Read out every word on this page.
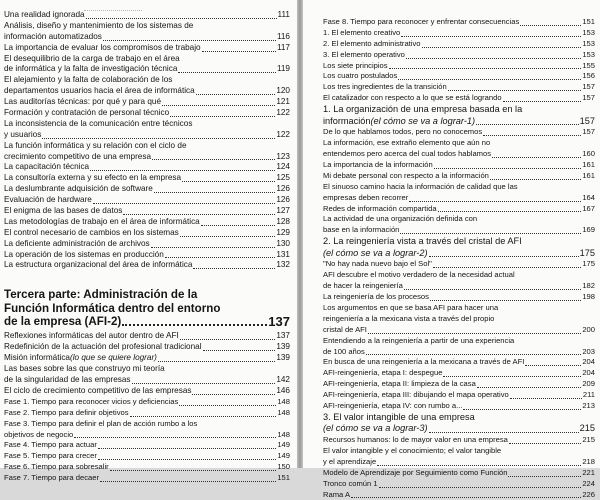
Una realidad ignorada	111
Análisis, diseño y mantenimiento de los sistemas de
información automatizados	116
La importancia de evaluar los compromisos de trabajo	117
El desequilibrio de la carga de trabajo en el área
de informática y la falta de investigación técnica	119
El alejamiento y la falta de colaboración de los
departamentos usuarios hacia el área de informática	120
Las auditorías técnicas: por qué y para qué	121
Formación y contratación de personal técnico	122
La inconsistencia de la comunicación entre técnicos
y usuarios	122
La función informática y su relación con el ciclo de
crecimiento competitivo de una empresa	123
La capacitación técnica	124
La consultoría externa y su efecto en la empresa	125
La deslumbrante adquisición de software	126
Evaluación de hardware	126
El enigma de las bases de datos	127
Las metodologías de trabajo en el área de informática	128
El control necesario de cambios en los sistemas	129
La deficiente administración de archivos	130
La operación de los sistemas en producción	131
La estructura organizacional del área de informática	132
Tercera parte: Administración de la
Función Informática dentro del entorno
de la empresa (AFI-2)	137
Reflexiones informáticas del autor dentro de AFI	137
Redefinición de la actuación del profesional tradicional	139
Misión informática (lo que se quiere lograr)	139
Las bases sobre las que construyo mi teoría
de la singularidad de las empresas	142
El ciclo de crecimiento competitivo de las empresas	146
Fase 1. Tiempo para reconocer vicios y deficiencias	148
Fase 2. Tiempo para definir objetivos	148
Fase 3. Tiempo para definir el plan de acción rumbo a los
objetivos de negocio	148
Fase 4. Tiempo para actuar	149
Fase 5. Tiempo para crecer	149
Fase 6. Tiempo para sobresalir	150
Fase 7. Tiempo para decaer	151
Fase 8. Tiempo para reconocer y enfrentar consecuencias	151
1. El elemento creativo	153
2. El elemento administrativo	153
3. El elemento operativo	153
Los siete principios	155
Los cuatro postulados	156
Los tres ingredientes de la transición	157
El catalizador con respecto a lo que se está logrando	157
1. La organización de una empresa basada en la
información (el cómo se va a lograr-1)	157
De lo que hablamos todos, pero no conocemos	157
La información, ese extraño elemento que aún no
entendemos pero acerca del cual todos hablamos	160
La importancia de la información	161
Mi debate personal con respecto a la información	161
El sinuoso camino hacia la información de calidad que las
empresas deben recorrer	164
Redes de información compartida	167
La actividad de una organización definida con
base en la información	169
2. La reingeniería vista a través del cristal de AFI
(el cómo se va a lograr-2)	175
"No hay nada nuevo bajo el Sol"	175
AFI descubre el motivo verdadero de la necesidad actual
de hacer la reingeniería	182
La reingeniería de los procesos	198
Los argumentos en que se basa AFI para hacer una
reingeniería a la mexicana vista a través del propio
cristal de AFI	200
Entendiendo a la reingeniería a partir de una experiencia
de 100 años	203
En busca de una reingeniería a la mexicana a través de AFI	204
AFI-reingeniería, etapa I: despegue	204
AFI-reingeniería, etapa II: limpieza de la casa	209
AFI-reingeniería, etapa III: dibujando el mapa operativo	211
AFI-reingeniería, etapa IV: con rumbo a...	213
3. El valor intangible de una empresa
(el cómo se va a lograr-3)	215
Recursos humanos: lo de mayor valor en una empresa	215
El valor intangible y el conocimiento; el valor tangible
y el aprendizaje	218
Modelo de Aprendizaje por Seguimiento como Función	221
Tronco común 1	224
Rama A	226
